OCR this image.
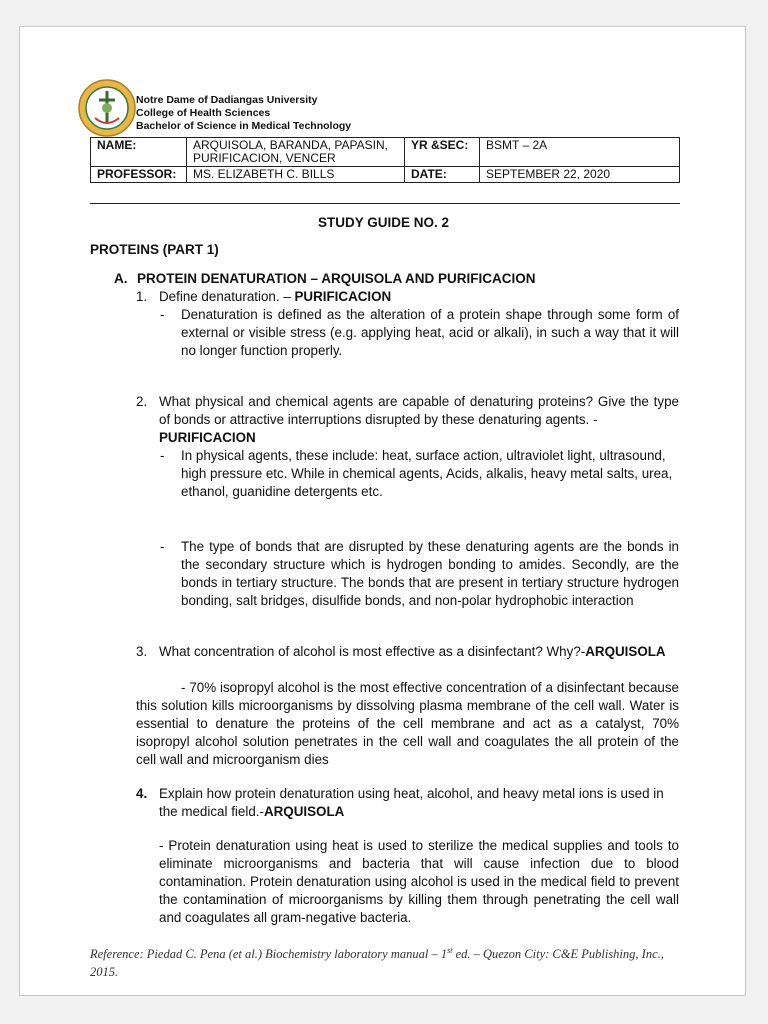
Notre Dame of Dadiangas University
College of Health Sciences
Bachelor of Science in Medical Technology
NAME:	ARQUISOLA, BARANDA, PAPASIN, PURIFICACION, VENCER	YR &SEC:	BSMT – 2A
PROFESSOR:	MS. ELIZABETH C. BILLS	DATE:	SEPTEMBER 22, 2020
STUDY GUIDE NO. 2
PROTEINS (PART 1)
A. PROTEIN DENATURATION – ARQUISOLA AND PURIFICACION
1. Define denaturation. – PURIFICACION
- Denaturation is defined as the alteration of a protein shape through some form of external or visible stress (e.g. applying heat, acid or alkali), in such a way that it will no longer function properly.
2. What physical and chemical agents are capable of denaturing proteins? Give the type of bonds or attractive interruptions disrupted by these denaturing agents. -
PURIFICACION
- In physical agents, these include: heat, surface action, ultraviolet light, ultrasound, high pressure etc. While in chemical agents, Acids, alkalis, heavy metal salts, urea, ethanol, guanidine detergents etc.
- The type of bonds that are disrupted by these denaturing agents are the bonds in the secondary structure which is hydrogen bonding to amides. Secondly, are the bonds in tertiary structure. The bonds that are present in tertiary structure hydrogen bonding, salt bridges, disulfide bonds, and non-polar hydrophobic interaction
3. What concentration of alcohol is most effective as a disinfectant? Why?-ARQUISOLA
- 70% isopropyl alcohol is the most effective concentration of a disinfectant because this solution kills microorganisms by dissolving plasma membrane of the cell wall. Water is essential to denature the proteins of the cell membrane and act as a catalyst, 70% isopropyl alcohol solution penetrates in the cell wall and coagulates the all protein of the cell wall and microorganism dies
4. Explain how protein denaturation using heat, alcohol, and heavy metal ions is used in the medical field.-ARQUISOLA
- Protein denaturation using heat is used to sterilize the medical supplies and tools to eliminate microorganisms and bacteria that will cause infection due to blood contamination. Protein denaturation using alcohol is used in the medical field to prevent the contamination of microorganisms by killing them through penetrating the cell wall and coagulates all gram-negative bacteria.
Reference: Piedad C. Pena (et al.) Biochemistry laboratory manual – 1st ed. – Quezon City: C&E Publishing, Inc., 2015.
